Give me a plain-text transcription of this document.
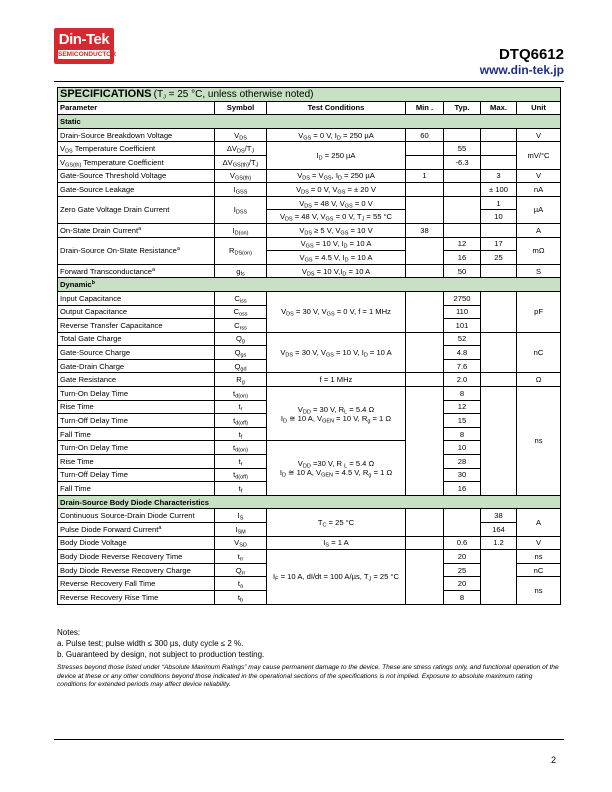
Din-Tek
SEMICONDUCTOR	DTQ6612
www.din-tek.jp
SPECIFICATIONS ($T_J = 25$ °C, unless otherwise noted)						
Parameter	Symbol	Test Conditions	Min .	Typ.	Max.	Unit
Static						
Drain-Source Breakdown Voltage	$V_{DS}$	$V_{GS} = 0$ V, $I_D = 250$ µA	60			V
$V_{DS}$ Temperature Coefficient	$\Delta V_{DS}/T_J$	$I_D = 250$ µA		55		mV/°C
$V_{GS(th)}$ Temperature Coefficient	$\Delta V_{GS(th)}/T_J$			-6.3		
Gate-Source Threshold Voltage	$V_{GS(th)}$	$V_{DS} = V_{GS}$, $I_D = 250$ µA	1		3	V
Gate-Source Leakage	$I_{GSS}$	$V_{DS} = 0$ V, $V_{GS}$ = ± 20 V			± 100	nA
Zero Gate Voltage Drain Current	$I_{DSS}$	$V_{DS} = 48$ V, $V_{GS} = 0$ V			1	µA
		$V_{DS} = 48$ V, $V_{GS} = 0$ V, $T_J = 55$ °C			10	
On-State Drain Current$^a$	$I_{D(on)}$	$V_{DS} \ge 5$ V, $V_{GS} = 10$ V	38			A
Drain-Source On-State Resistance$^a$	$R_{DS(on)}$	$V_{GS} = 10$ V, $I_D = 10$ A		12	17	mΩ
		$V_{GS} = 4.5$ V, $I_D = 10$ A		16	25	
Forward Transconductance$^a$	$g_{fs}$	$V_{DS} = 10$ $V,I_D = 10$ A		50		S
Dynamic$^b$
Input Capacitance	$C_{iss}$	$V_{DS} = 30$ V, $V_{GS} = 0$ V, f = 1 MHz		2750		pF
Output Capacitance	$C_{oss}$			110		
Reverse Transfer Capacitance	$C_{rss}$			101		
Total Gate Charge	$Q_g$	$V_{DS} = 30$ V, $V_{GS} = 10$ V, $I_D = 10$ A		52		nC
Gate-Source Charge	$Q_{gs}$			4.8		
Gate-Drain Charge	$Q_{gd}$			7.6		
Gate Resistance	$R_g$	f = 1 MHz		2.0		Ω
Turn-On Delay Time	$t_{d(on)}$	$V_{DD} = 30$ V, $R_L = 5.4$ Ω
$I_D$ ≅ 10 A, $V_{GEN} = 10$ V, $R_g = 1$ Ω		8		ns
Rise Time	$t_r$			12		
Turn-Off Delay Time	$t_{d(off)}$			15		
Fall Time	$t_f$			8		
Turn-On Delay Time	$t_{d(on)}$	$V_{DD} =30$ V, R $_L$ = 5.4 Ω
$I_D$ ≅ 10 A, $V_{GEN} = 4.5$ V, $R_g = 1$ Ω		10		
Rise Time	$t_r$			28		
Turn-Off Delay Time	$t_{d(off)}$			30		
Fall Time	$t_f$			16		
Drain-Source Body Diode Characteristics						
Continuous Source-Drain Diode Current	$I_S$	$T_C = 25$ °C			38	A
Pulse Diode Forward Current$^a$	$I_{SM}$				164	
Body Diode Voltage	$V_{SD}$	$I_S = 1$ A		0.6	1.2	V
Body Diode Reverse Recovery Time	$t_{rr}$	$I_F = 10$ A, dI/dt = 100 A/µs, $T_J = 25$ °C		20		ns
Body Diode Reverse Recovery Charge	$Q_{rr}$			25		nC
Reverse Recovery Fall Time	$t_a$			20		ns
Reverse Recovery Rise Time	$t_b$			8		
Notes:
a. Pulse test; pulse width ≤ 300 µs, duty cycle ≤ 2 %.
b. Guaranteed by design, not subject to production testing.
Stresses beyond those listed under “Absolute Maximum Ratings” may cause permanent damage to the device. These are stress ratings only, and functional operation of the device at these or any other conditions beyond those indicated in the operational sections of the specifications is not implied. Exposure to absolute maximum rating conditions for extended periods may affect device reliability.
2
